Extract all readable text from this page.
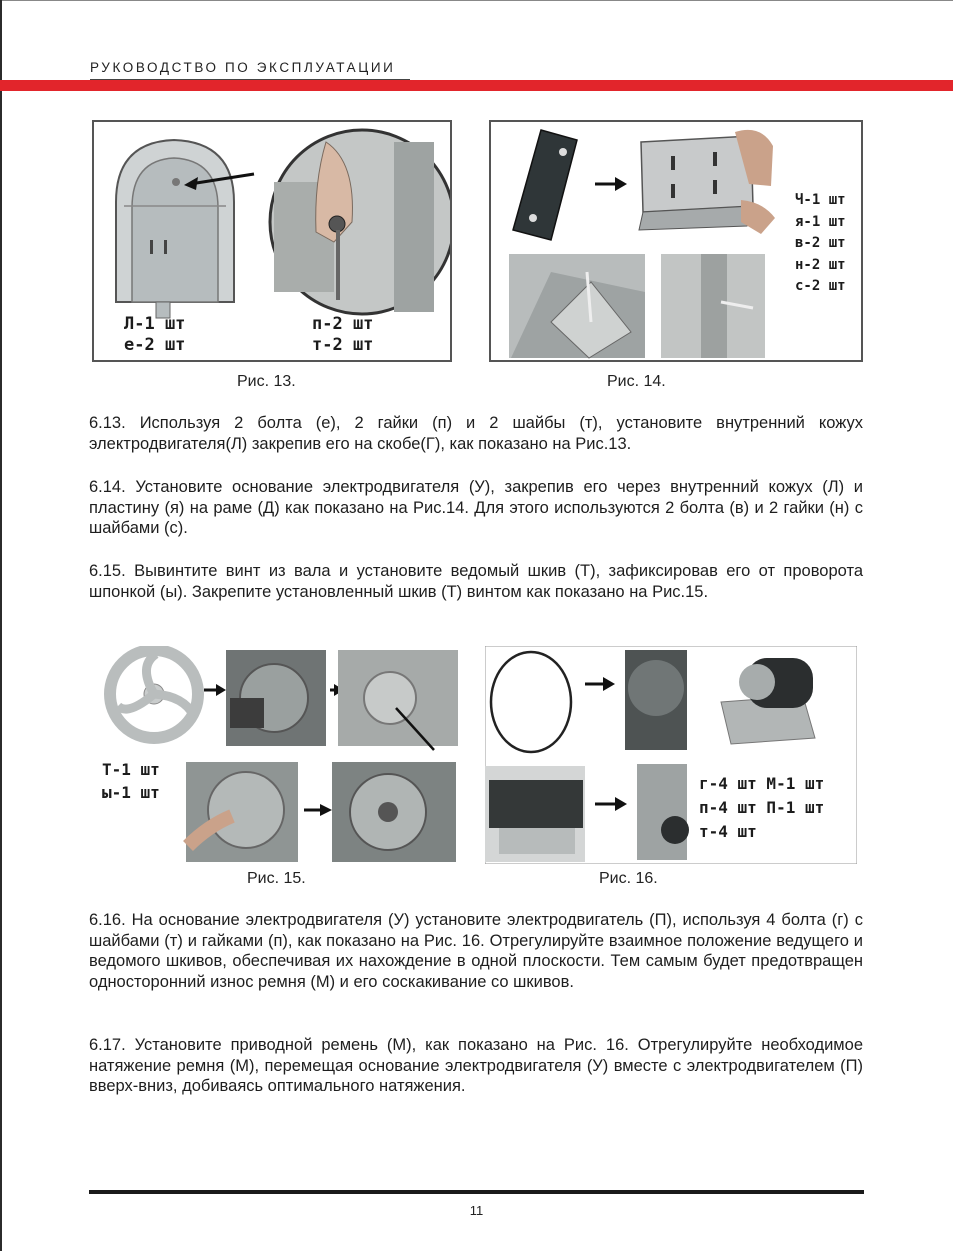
РУКОВОДСТВО ПО ЭКСПЛУАТАЦИИ
Л-1 шт
е-2 шт
п-2 шт
т-2 шт
Рис. 13.
Ч-1 шт
я-1 шт
в-2 шт
н-2 шт
с-2 шт
Рис. 14.

6.13. Используя 2 болта (е), 2 гайки (п) и 2 шайбы (т), установите внутренний кожух электродвигателя(Л) закрепив его на скобе(Г), как показано на Рис.13.

6.14. Установите основание электродвигателя (У), закрепив его через внутренний кожух (Л) и пластину (я) на раме (Д) как показано на Рис.14. Для этого используются 2 болта (в) и 2 гайки (н) с шайбами (с).

6.15. Вывинтите винт из вала и установите ведомый шкив (Т), зафиксировав его от проворота шпонкой (ы). Закрепите установленный шкив (Т) винтом как показано на Рис.15.

Т-1 шт
ы-1 шт
Рис. 15.
г-4 шт М-1 шт
п-4 шт П-1 шт
т-4 шт
Рис. 16.

6.16. На основание электродвигателя (У) установите электродвигатель (П), используя 4 болта (г) с шайбами (т) и гайками (п), как показано на Рис. 16. Отрегулируйте взаимное положение ведущего и ведомого шкивов, обеспечивая их нахождение в одной плоскости. Тем самым будет предотвращен односторонний износ ремня (М) и его соскакивание со шкивов.

6.17. Установите приводной ремень (М), как показано на Рис. 16. Отрегулируйте необходимое натяжение ремня (М), перемещая основание электродвигателя (У) вместе с электродвигателем (П) вверх-вниз, добиваясь оптимального натяжения.

11
